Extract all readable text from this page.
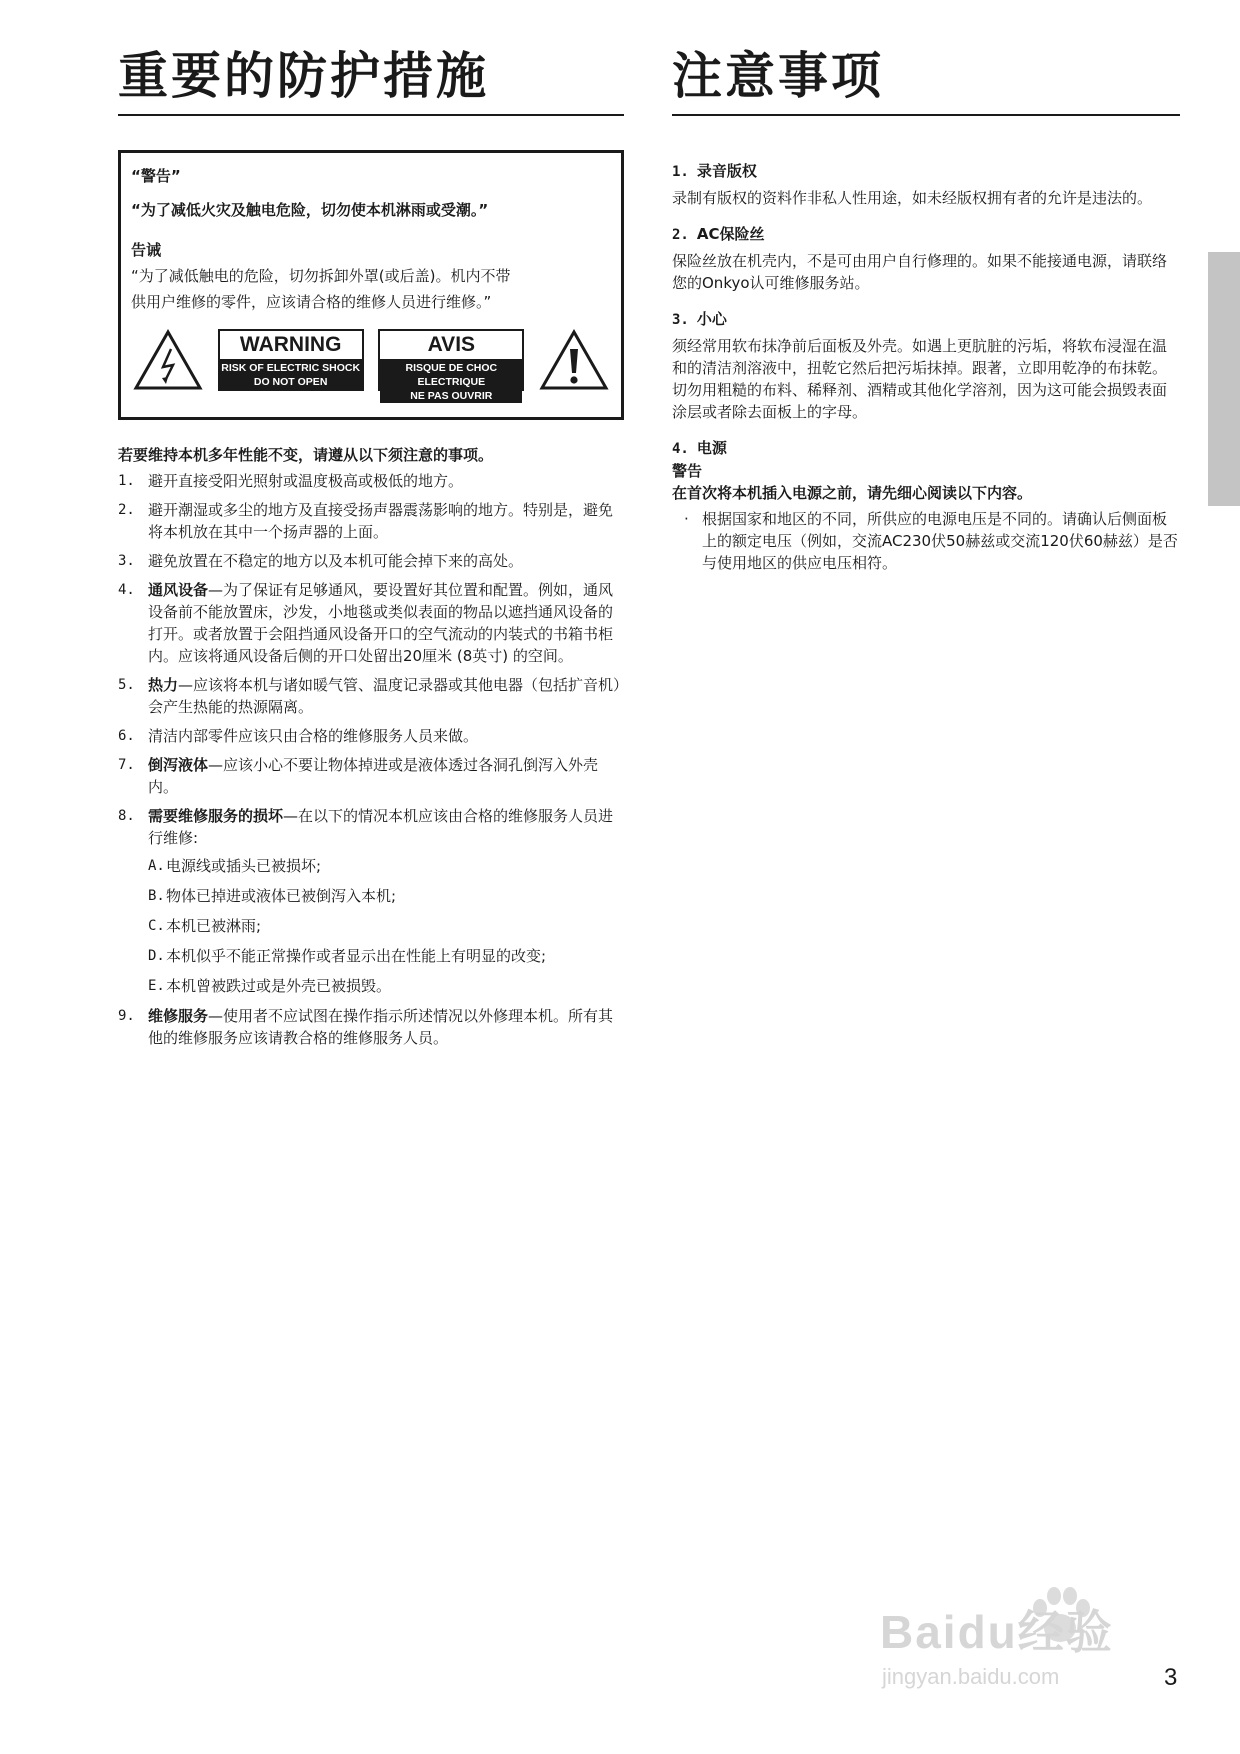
重要的防护措施

“警告”

“为了减低火灾及触电危险，切勿使本机淋雨或受潮。”

告诫

“为了减低触电的危险，切勿拆卸外罩(或后盖)。机内不带

供用户维修的零件，应该请合格的维修人员进行维修。”

WARNING
RISK OF ELECTRIC SHOCK
DO NOT OPEN
AVIS
RISQUE DE CHOC ELECTRIQUE
NE PAS OUVRIR
若要维持本机多年性能不变，请遵从以下须注意的事项。
1. 避开直接受阳光照射或温度极高或极低的地方。
2. 避开潮湿或多尘的地方及直接受扬声器震荡影响的地方。特别是，避免将本机放在其中一个扬声器的上面。
3. 避免放置在不稳定的地方以及本机可能会掉下来的高处。
4. 通风设备—为了保证有足够通风，要设置好其位置和配置。例如，通风设备前不能放置床，沙发，小地毯或类似表面的物品以遮挡通风设备的打开。或者放置于会阻挡通风设备开口的空气流动的内装式的书箱书柜内。应该将通风设备后侧的开口处留出20厘米 (8英寸) 的空间。
5. 热力—应该将本机与诸如暖气管、温度记录器或其他电器（包括扩音机）会产生热能的热源隔离。
6. 清洁内部零件应该只由合格的维修服务人员来做。
7. 倒泻液体—应该小心不要让物体掉进或是液体透过各洞孔倒泻入外壳内。
8. 需要维修服务的损坏—在以下的情况本机应该由合格的维修服务人员进行维修:
A. 电源线或插头已被损坏;
B. 物体已掉进或液体已被倒泻入本机;
C. 本机已被淋雨;
D. 本机似乎不能正常操作或者显示出在性能上有明显的改变;
E. 本机曾被跌过或是外壳已被损毁。
9. 维修服务—使用者不应试图在操作指示所述情况以外修理本机。所有其他的维修服务应该请教合格的维修服务人员。
注意事项
1. 录音版权
录制有版权的资料作非私人性用途，如未经版权拥有者的允许是违法的。
2. AC保险丝
保险丝放在机壳内，不是可由用户自行修理的。如果不能接通电源，请联络您的Onkyo认可维修服务站。
3. 小心
须经常用软布抹净前后面板及外壳。如遇上更肮脏的污垢，将软布浸湿在温和的清洁剂溶液中，扭乾它然后把污垢抹掉。跟著，立即用乾净的布抹乾。切勿用粗糙的布料、稀释剂、酒精或其他化学溶剂，因为这可能会损毁表面涂层或者除去面板上的字母。
4. 电源
警告
在首次将本机插入电源之前，请先细心阅读以下内容。
· 根据国家和地区的不同，所供应的电源电压是不同的。请确认后侧面板上的额定电压（例如，交流AC230伏50赫兹或交流120伏60赫兹）是否与使用地区的供应电压相符。
Baidu经验
jingyan.baidu.com	3
